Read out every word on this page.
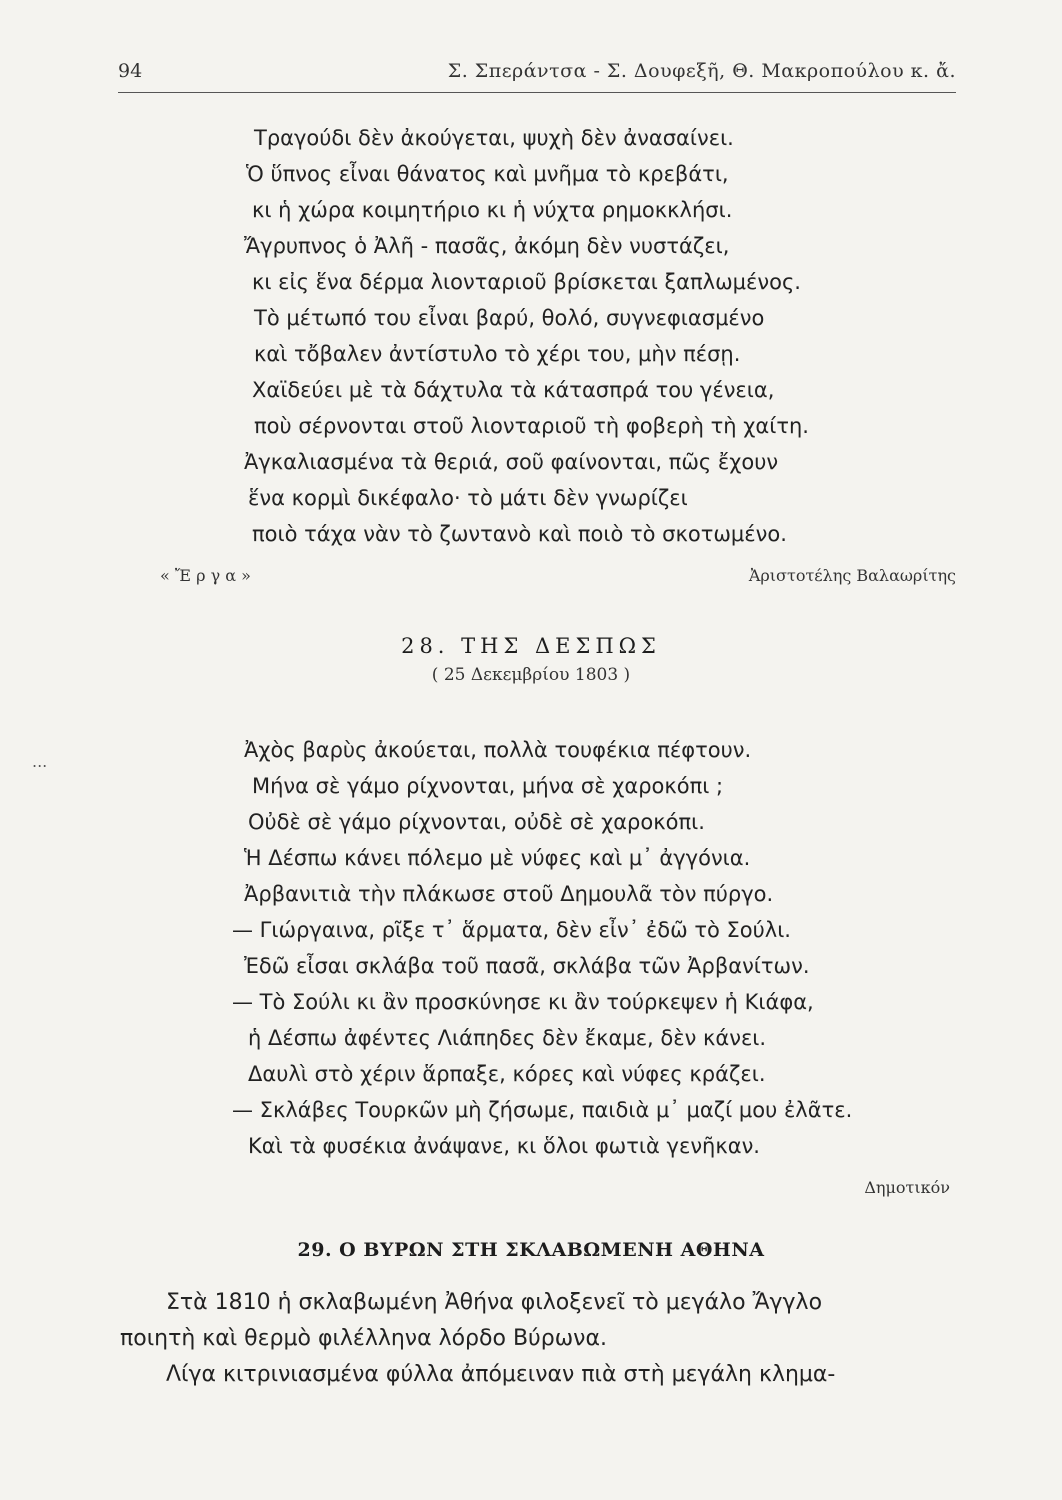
94	Σ. Σπεράντσα - Σ. Δουφεξῆ, Θ. Μακροπούλου κ. ἄ.
Τραγούδι δὲν ἀκούγεται, ψυχὴ δὲν ἀνασαίνει.
Ὁ ὕπνος εἶναι θάνατος καὶ μνῆμα τὸ κρεβάτι,
κι ἡ χώρα κοιμητήριο κι ἡ νύχτα ρημοκκλήσι.
Ἄγρυπνος ὁ Ἀλῆ - πασᾶς, ἀκόμη δὲν νυστάζει,
κι εἰς ἕνα δέρμα λιονταριοῦ βρίσκεται ξαπλωμένος.
Τὸ μέτωπό του εἶναι βαρύ, θολό, συγνεφιασμένο
καὶ τὄβαλεν ἀντίστυλο τὸ χέρι του, μὴν πέσῃ.
Χαϊδεύει μὲ τὰ δάχτυλα τὰ κάτασπρά του γένεια,
ποὺ σέρνονται στοῦ λιονταριοῦ τὴ φοβερὴ τὴ χαίτη.
Ἀγκαλιασμένα τὰ θεριά, σοῦ φαίνονται, πῶς ἔχουν
ἕνα κορμὶ δικέφαλο· τὸ μάτι δὲν γνωρίζει
ποιὸ τάχα νὰν τὸ ζωντανὸ καὶ ποιὸ τὸ σκοτωμένο.
« Ἔ ρ γ α »	Ἀριστοτέλης Βαλαωρίτης
28. ΤΗΣ ΔΕΣΠΩΣ
( 25 Δεκεμβρίου 1803 )
Ἀχὸς βαρὺς ἀκούεται, πολλὰ τουφέκια πέφτουν.
Μήνα σὲ γάμο ρίχνονται, μήνα σὲ χαροκόπι ;
Οὐδὲ σὲ γάμο ρίχνονται, οὐδὲ σὲ χαροκόπι.
Ἡ Δέσπω κάνει πόλεμο μὲ νύφες καὶ μ᾿ ἀγγόνια.
Ἀρβανιτιὰ τὴν πλάκωσε στοῦ Δημουλᾶ τὸν πύργο.
— Γιώργαινα, ρῖξε τ᾿ ἅρματα, δὲν εἶν᾿ ἐδῶ τὸ Σούλι.
Ἐδῶ εἶσαι σκλάβα τοῦ πασᾶ, σκλάβα τῶν Ἀρβανίτων.
— Τὸ Σούλι κι ἂν προσκύνησε κι ἂν τούρκεψεν ἡ Κιάφα,
ἡ Δέσπω ἀφέντες Λιάπηδες δὲν ἔκαμε, δὲν κάνει.
Δαυλὶ στὸ χέριν ἅρπαξε, κόρες καὶ νύφες κράζει.
— Σκλάβες Τουρκῶν μὴ ζήσωμε, παιδιὰ μ᾿ μαζί μου ἐλᾶτε.
Καὶ τὰ φυσέκια ἀνάψανε, κι ὅλοι φωτιὰ γενῆκαν.
Δημοτικόν
29. Ο ΒΥΡΩΝ ΣΤΗ ΣΚΛΑΒΩΜΕΝΗ ΑΘΗΝΑ
Στὰ 1810 ἡ σκλαβωμένη Ἀθήνα φιλοξενεῖ τὸ μεγάλο Ἄγγλο
ποιητὴ καὶ θερμὸ φιλέλληνα λόρδο Βύρωνα.
Λίγα κιτρινιασμένα φύλλα ἀπόμειναν πιὰ στὴ μεγάλη κλημα-
...
